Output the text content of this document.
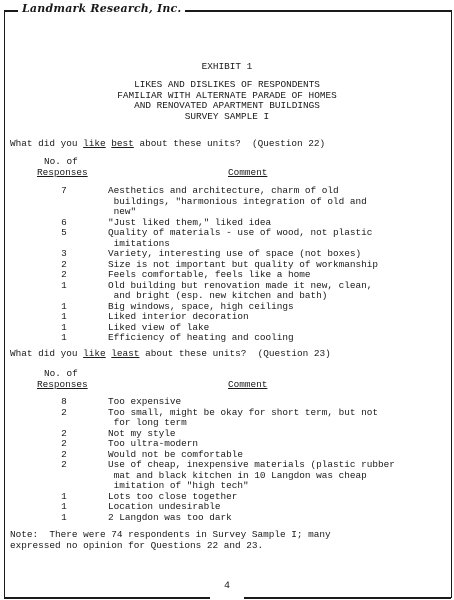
Landmark Research, Inc.
EXHIBIT 1
LIKES AND DISLIKES OF RESPONDENTS
FAMILIAR WITH ALTERNATE PARADE OF HOMES
AND RENOVATED APARTMENT BUILDINGS
SURVEY SAMPLE I
What did you like best about these units?  (Question 22)
No. of
Responses	Comment
7	Aesthetics and architecture, charm of old
buildings, "harmonious integration of old and
new"
6	"Just liked them," liked idea
5	Quality of materials - use of wood, not plastic
imitations
3	Variety, interesting use of space (not boxes)
2	Size is not important but quality of workmanship
2	Feels comfortable, feels like a home
1	Old building but renovation made it new, clean,
and bright (esp. new kitchen and bath)
1	Big windows, space, high ceilings
1	Liked interior decoration
1	Liked view of lake
1	Efficiency of heating and cooling
What did you like least about these units?  (Question 23)
No. of
Responses	Comment
8	Too expensive
2	Too small, might be okay for short term, but not
for long term
2	Not my style
2	Too ultra-modern
2	Would not be comfortable
2	Use of cheap, inexpensive materials (plastic rubber
mat and black kitchen in 10 Langdon was cheap
imitation of "high tech"
1	Lots too close together
1	Location undesirable
1	2 Langdon was too dark
Note:  There were 74 respondents in Survey Sample I; many
expressed no opinion for Questions 22 and 23.
4
